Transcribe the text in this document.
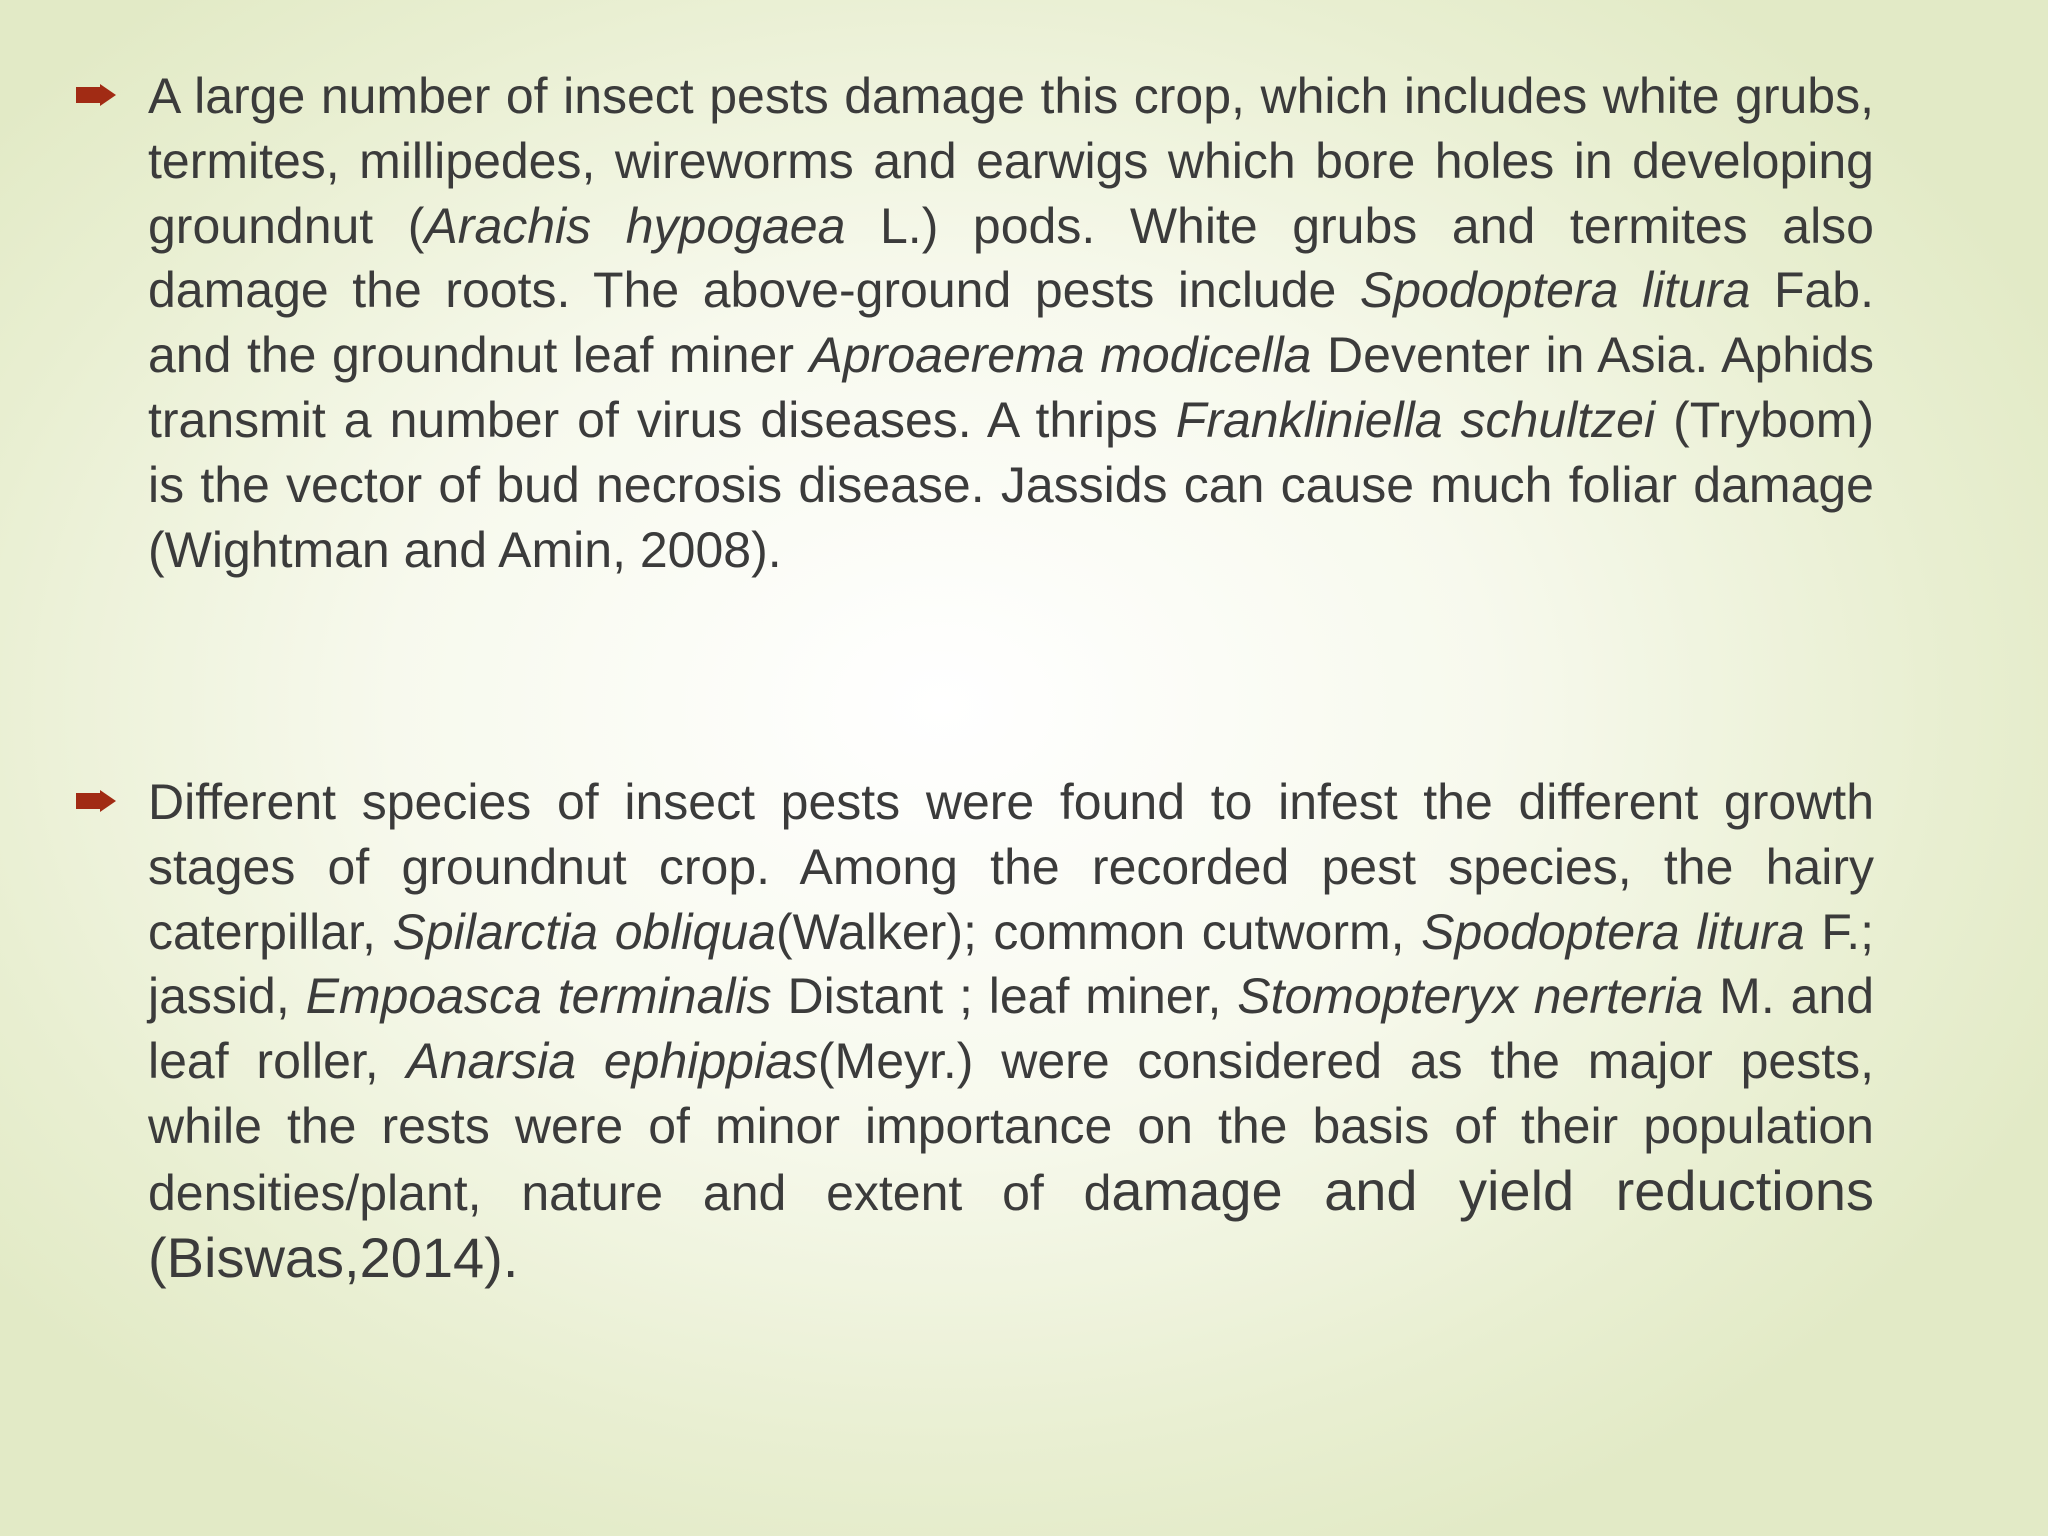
A large number of insect pests damage this crop, which includes white grubs, termites, millipedes, wireworms and earwigs which bore holes in developing groundnut (Arachis hypogaea L.) pods. White grubs and termites also damage the roots. The above-ground pests include Spodoptera litura Fab. and the groundnut leaf miner Aproaerema modicella Deventer in Asia. Aphids transmit a number of virus diseases. A thrips Frankliniella schultzei (Trybom) is the vector of bud necrosis disease. Jassids can cause much foliar damage (Wightman and Amin, 2008).

Different species of insect pests were found to infest the different growth stages of groundnut crop. Among the recorded pest species, the hairy caterpillar, Spilarctia obliqua(Walker); common cutworm, Spodoptera litura F.; jassid, Empoasca terminalis Distant ; leaf miner, Stomopteryx nerteria M. and leaf roller, Anarsia ephippias(Meyr.) were considered as the major pests, while the rests were of minor importance on the basis of their population densities/plant, nature and extent of damage and yield reductions (Biswas,2014).
